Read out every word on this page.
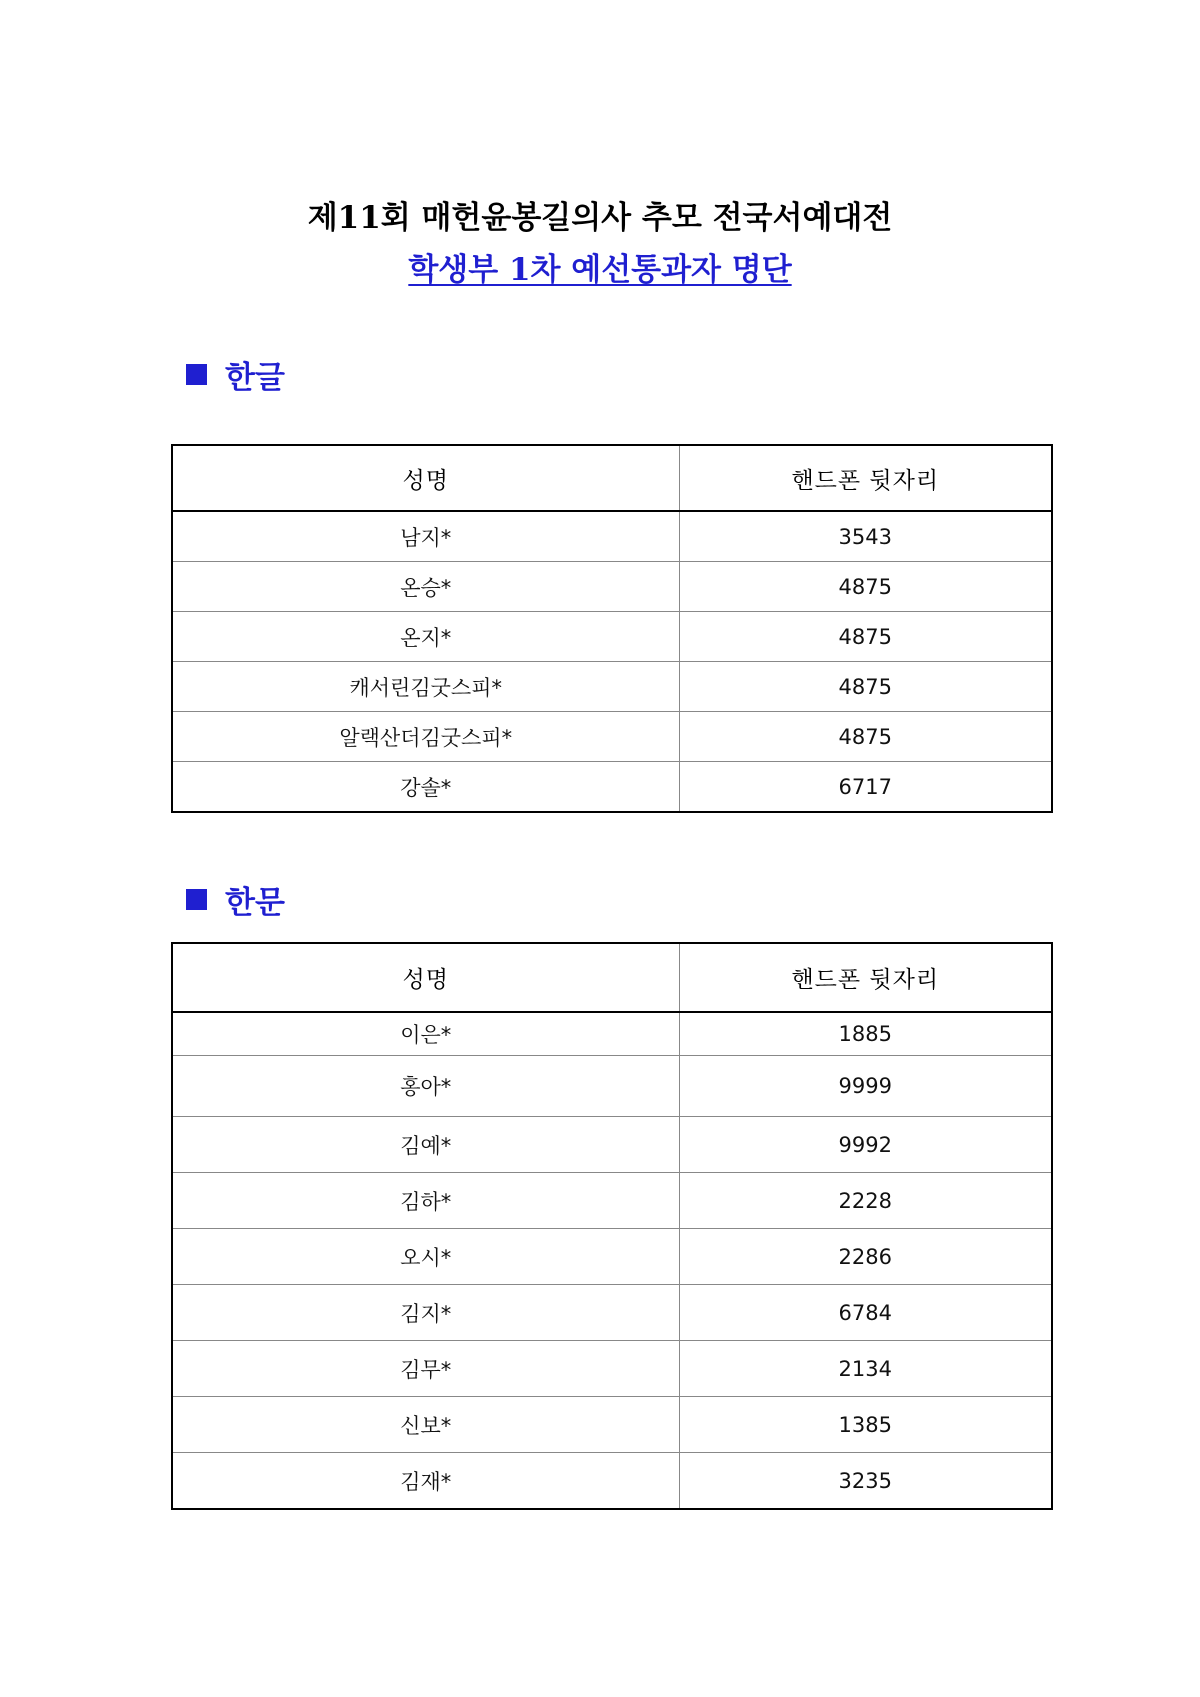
제11회 매헌윤봉길의사 추모 전국서예대전
학생부 1차 예선통과자 명단
한글
성명	핸드폰 뒷자리
남지*	3543
온승*	4875
온지*	4875
캐서린김굿스피*	4875
알랙산더김굿스피*	4875
강솔*	6717
한문
성명	핸드폰 뒷자리
이은*	1885
홍아*	9999
김예*	9992
김하*	2228
오시*	2286
김지*	6784
김무*	2134
신보*	1385
김재*	3235
